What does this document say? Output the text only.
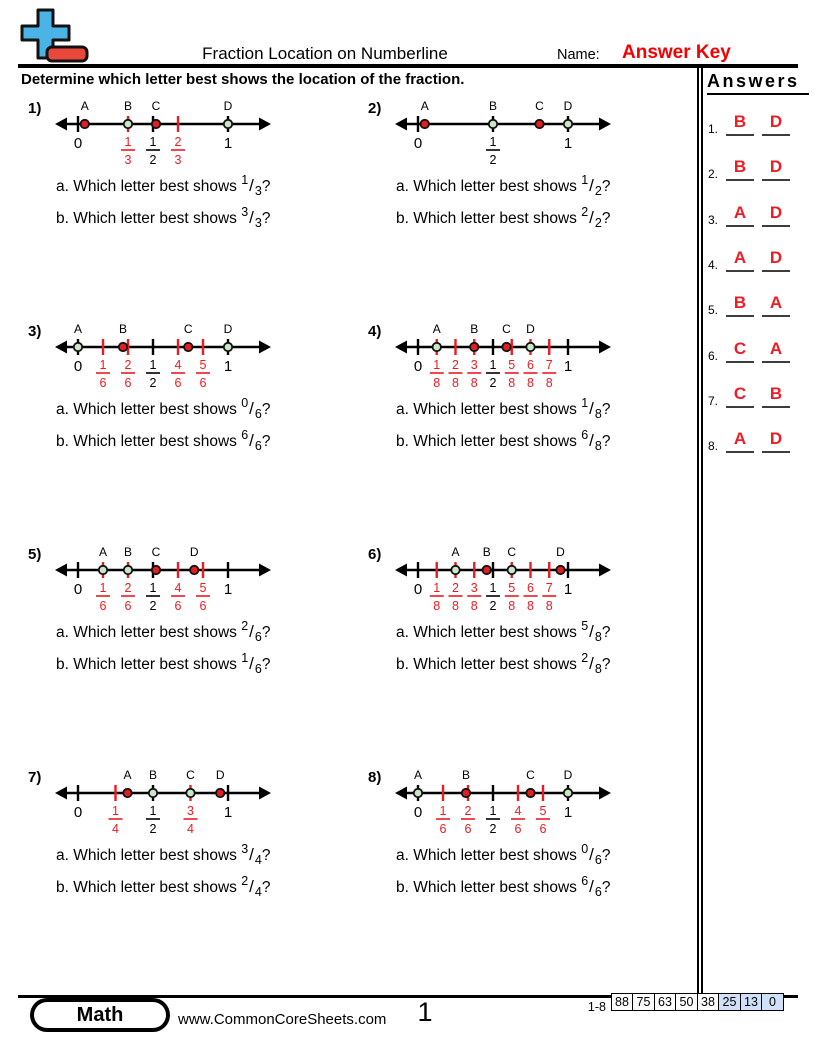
Fraction Location on Numberline	Name: Answer Key
Determine which letter best shows the location of the fraction.	Answers
1. B	D
2. B	D
3. A	D
4. A	D
5. B	A
6. C	A
7. C	B
8. A	D
1)
0	1
3
1
2
2
3
1
A	B C	D
a. Which letter best shows $^1/_3$?
b. Which letter best shows $^3/_3$?
2)
0	1
2
1
A	B	C D
a. Which letter best shows $^1/_2$?
b. Which letter best shows $^2/_2$?
3)
0 1
6
2
6
1
2
4
6
5
6
1
A	B	C	D
a. Which letter best shows $^0/_6$?
b. Which letter best shows $^6/_6$?
4)
0 1
8
2
8
3
8
1
2
5
8
6
8
7
8
1
A B C D
a. Which letter best shows $^1/_8$?
b. Which letter best shows $^6/_8$?
5)
0 1
6
2
6
1
2
4
6
5
6
1
A B C D
a. Which letter best shows $^2/_6$?
b. Which letter best shows $^1/_6$?
6)
0 1
8
2
8
3
8
1
2
5
8
6
8
7
8
1
A B C	D
a. Which letter best shows $^5/_8$?
b. Which letter best shows $^2/_8$?
7)
0 1
4
1
2
3
4
1
A B C D
a. Which letter best shows $^3/_4$?
b. Which letter best shows $^2/_4$?
8)
0 1
6
2
6
1
2
4
6
5
6
1
A	B	C D
a. Which letter best shows $^0/_6$?
b. Which letter best shows $^6/_6$?
Math	www.CommonCoreSheets.com	1	1-8 88 75 63 50 38 25 13 0
